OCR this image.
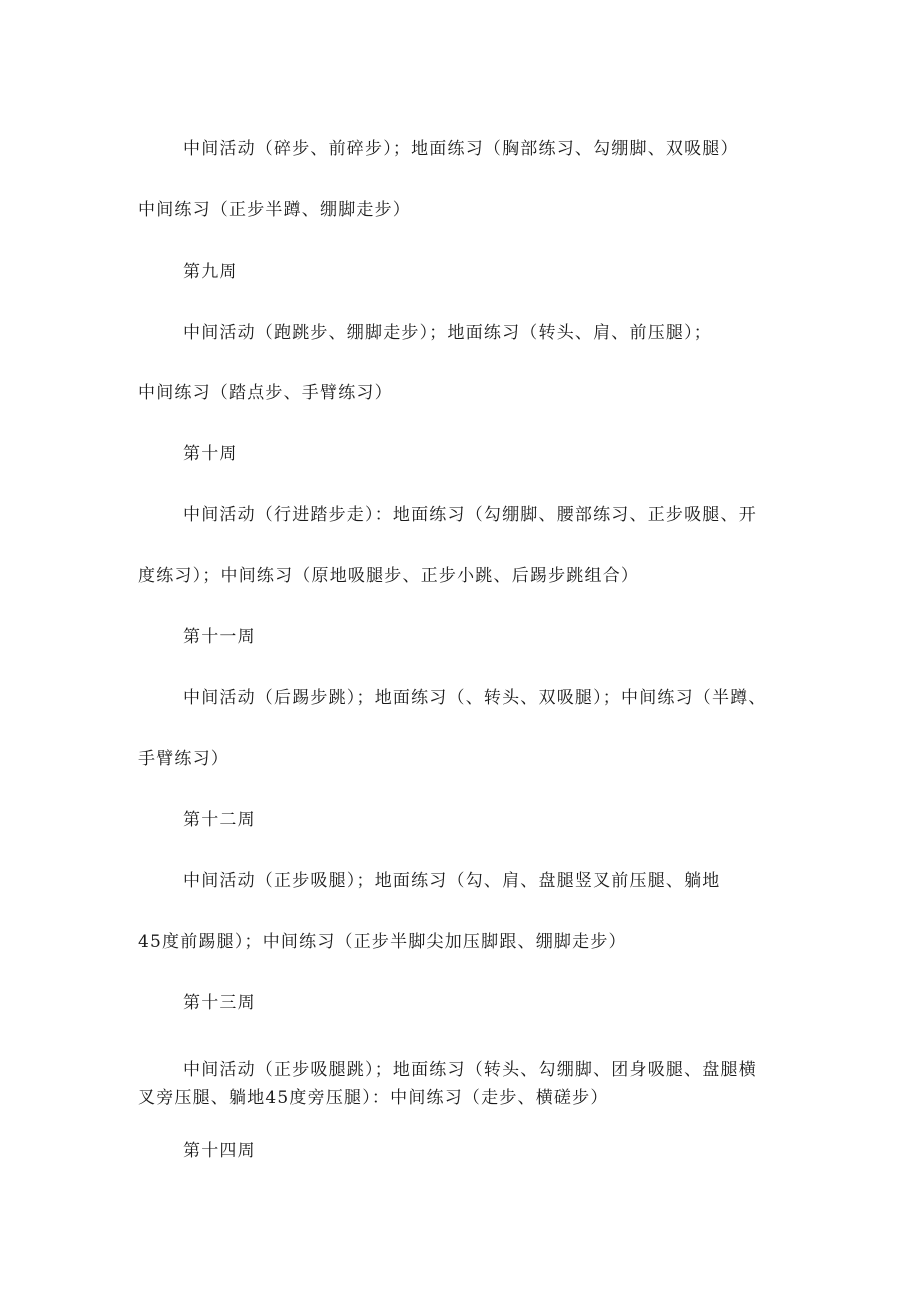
中间活动（碎步、前碎步）；地面练习（胸部练习、勾绷脚、双吸腿）
中间练习（正步半蹲、绷脚走步）
第九周
中间活动（跑跳步、绷脚走步）；地面练习（转头、肩、前压腿）；
中间练习（踏点步、手臂练习）
第十周
中间活动（行进踏步走）：地面练习（勾绷脚、腰部练习、正步吸腿、开
度练习）；中间练习（原地吸腿步、正步小跳、后踢步跳组合）
第十一周
中间活动（后踢步跳）；地面练习（、转头、双吸腿）；中间练习（半蹲、
手臂练习）
第十二周
中间活动（正步吸腿）；地面练习（勾、肩、盘腿竖叉前压腿、躺地
45度前踢腿）；中间练习（正步半脚尖加压脚跟、绷脚走步）
第十三周
中间活动（正步吸腿跳）；地面练习（转头、勾绷脚、团身吸腿、盘腿横
叉旁压腿、躺地45度旁压腿）：中间练习（走步、横磋步）
第十四周
